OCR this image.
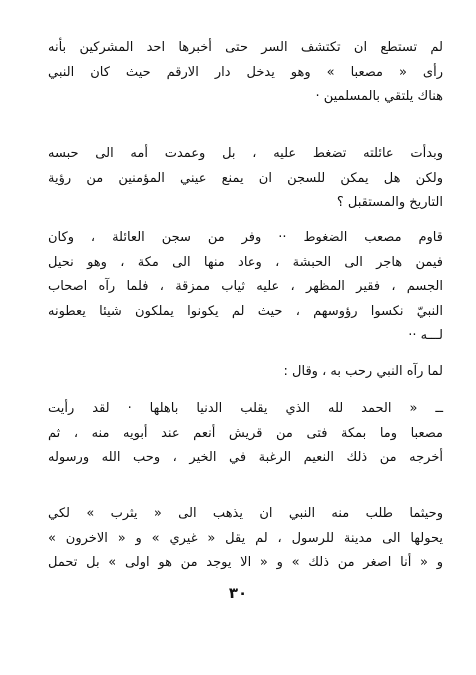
لم تستطع ان تكتشف السر حتى أخبرها احد المشركين بأنه
رأى « مصعبا » وهو يدخل دار الارقم حيث كان النبي
هناك يلتقي بالمسلمين ·
وبدأت عائلته تضغط عليه ، بل وعمدت أمه الى حبسه
ولكن هل يمكن للسجن ان يمنع عيني المؤمنين من رؤية
التاريخ والمستقبل ؟
قاوم مصعب الضغوط ·· وفر من سجن العائلة ، وكان
فيمن هاجر الى الحبشة ، وعاد منها الى مكة ، وهو نحيل
الجسم ، فقير المظهر ، عليه ثياب ممزقة ، فلما رآه اصحاب
النبيّ نكسوا رؤوسهم ، حيث لم يكونوا يملكون شيئا يعطونه
لـــه ··
لما رآه النبي رحب به ، وقال :
ــ « الحمد لله الذي يقلب الدنيا باهلها · لقد رأيت
مصعبا وما بمكة فتى من قريش أنعم عند أبويه منه ، ثم
أخرجه من ذلك النعيم الرغبة في الخير ، وحب الله ورسوله
وحيثما طلب منه النبي ان يذهب الى « يثرب » لكي
يحولها الى مدينة للرسول ، لم يقل « غيري » و « الاخرون »
و « أنا اصغر من ذلك » و « الا يوجد من هو اولى » بل تحمل
٣٠
